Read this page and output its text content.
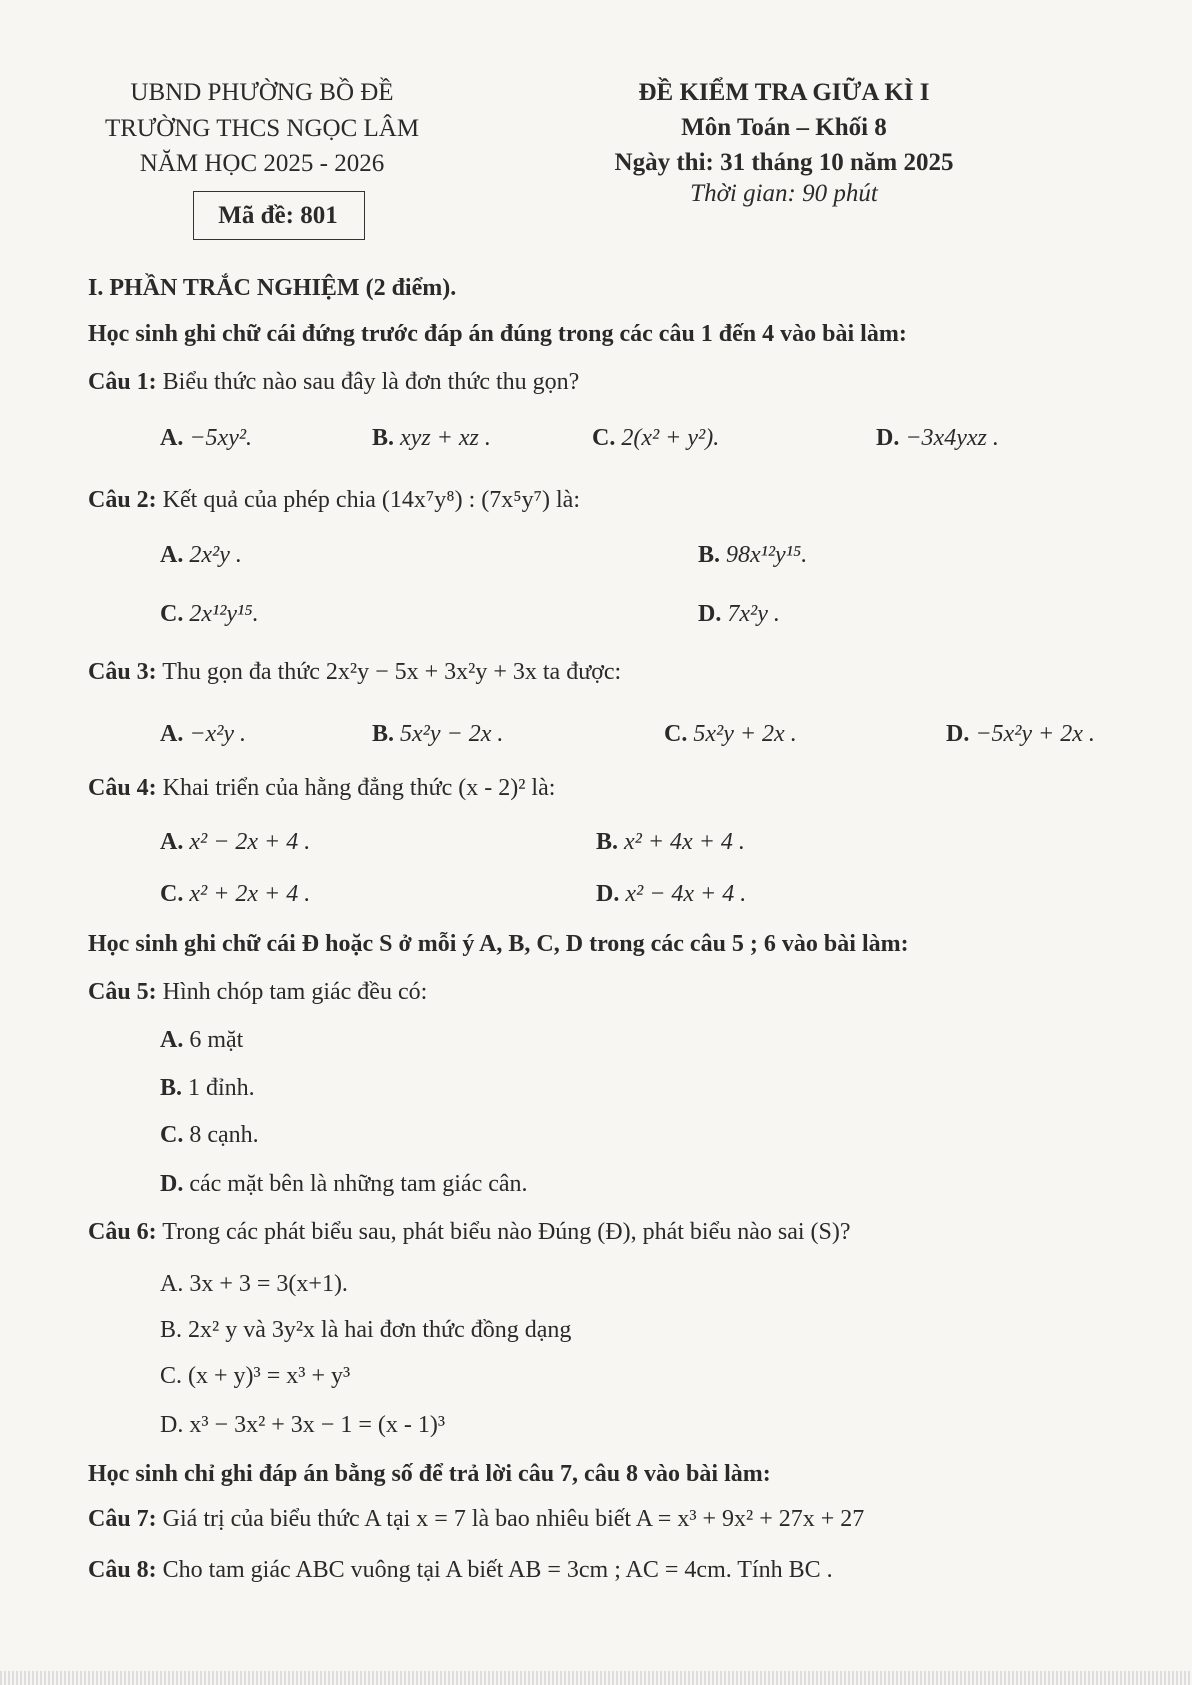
UBND PHƯỜNG BỒ ĐỀ
TRƯỜNG THCS NGỌC LÂM
NĂM HỌC 2025 - 2026
Mã đề: 801
ĐỀ KIỂM TRA GIỮA KÌ I
Môn Toán – Khối 8
Ngày thi: 31 tháng 10 năm 2025
Thời gian: 90 phút
I. PHẦN TRẮC NGHIỆM (2 điểm).
Học sinh ghi chữ cái đứng trước đáp án đúng trong các câu 1 đến 4 vào bài làm:
Câu 1: Biểu thức nào sau đây là đơn thức thu gọn?
A. −5xy².	B. xyz + xz .	C. 2(x² + y²).	D. −3x4yxz .
Câu 2: Kết quả của phép chia (14x⁷y⁸) : (7x⁵y⁷) là:
A. 2x²y .	B. 98x¹²y¹⁵.
C. 2x¹²y¹⁵.	D. 7x²y .
Câu 3: Thu gọn đa thức 2x²y − 5x + 3x²y + 3x ta được:
A. −x²y .	B. 5x²y − 2x .	C. 5x²y + 2x .	D. −5x²y + 2x .
Câu 4: Khai triển của hằng đẳng thức (x - 2)² là:
A. x² − 2x + 4 .	B. x² + 4x + 4 .
C. x² + 2x + 4 .	D. x² − 4x + 4 .
Học sinh ghi chữ cái Đ hoặc S ở mỗi ý A, B, C, D trong các câu 5 ; 6 vào bài làm:
Câu 5: Hình chóp tam giác đều có:
A. 6 mặt
B. 1 đỉnh.
C. 8 cạnh.
D. các mặt bên là những tam giác cân.
Câu 6: Trong các phát biểu sau, phát biểu nào Đúng (Đ), phát biểu nào sai (S)?
A. 3x + 3 = 3(x+1).
B. 2x² y và 3y²x là hai đơn thức đồng dạng
C. (x + y)³ = x³ + y³
D. x³ − 3x² + 3x − 1 = (x - 1)³
Học sinh chỉ ghi đáp án bằng số để trả lời câu 7, câu 8 vào bài làm:
Câu 7: Giá trị của biểu thức A tại x = 7 là bao nhiêu biết A = x³ + 9x² + 27x + 27
Câu 8: Cho tam giác ABC vuông tại A biết AB = 3cm ; AC = 4cm. Tính BC .
